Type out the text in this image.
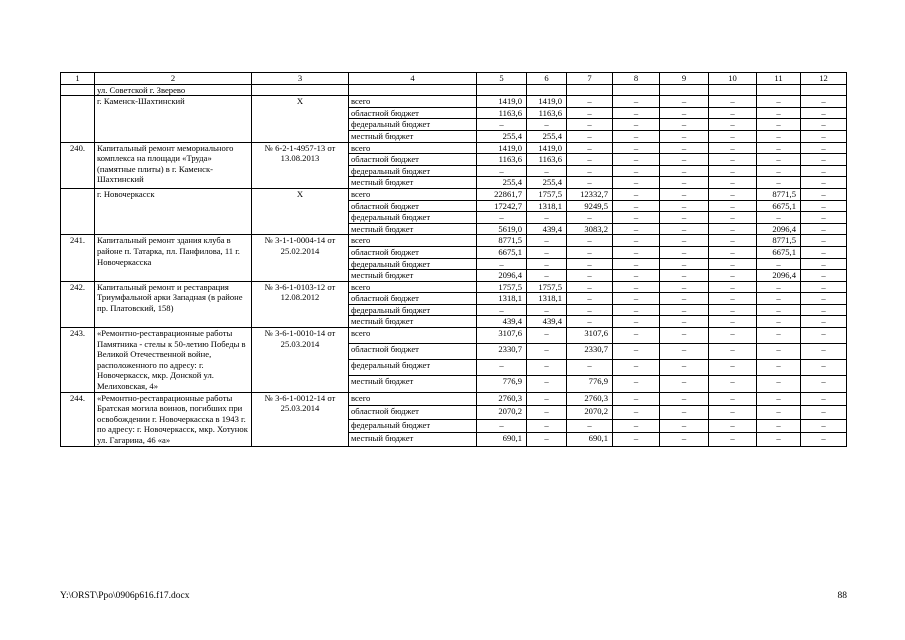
1	2	3	4	5	6	7	8	9	10	11	12
	ул. Советской г. Зверево										
	г. Каменск-Шахтинский	Х	всего	1419,0	1419,0	–	–	–	–	–	–
			областной бюджет	1163,6	1163,6	–	–	–	–	–	–
			федеральный бюджет	–	–	–	–	–	–	–	–
			местный бюджет	255,4	255,4	–	–	–	–	–	–
240.	Капитальный ремонт мемориального комплекса на площади «Труда» (памятные плиты) в г. Каменск-Шахтинский	№ 6-2-1-4957-13 от 13.08.2013	всего	1419,0	1419,0	–	–	–	–	–	–
			областной бюджет	1163,6	1163,6	–	–	–	–	–	–
			федеральный бюджет	–	–	–	–	–	–	–	–
			местный бюджет	255,4	255,4	–	–	–	–	–	–
	г. Новочеркасск	Х	всего	22861,7	1757,5	12332,7	–	–	–	8771,5	–
			областной бюджет	17242,7	1318,1	9249,5	–	–	–	6675,1	–
			федеральный бюджет	–	–	–	–	–	–	–	–
			местный бюджет	5619,0	439,4	3083,2	–	–	–	2096,4	–
241.	Капитальный ремонт здания клуба в районе п. Татарка, пл. Панфилова, 11 г. Новочеркасска	№ 3-1-1-0004-14 от 25.02.2014	всего	8771,5	–	–	–	–	–	8771,5	–
			областной бюджет	6675,1	–	–	–	–	–	6675,1	–
			федеральный бюджет	–	–	–	–	–	–	–	–
			местный бюджет	2096,4	–	–	–	–	–	2096,4	–
242.	Капитальный ремонт и реставрация Триумфальной арки Западная (в районе пр. Платовский, 158)	№ 3-6-1-0103-12 от 12.08.2012	всего	1757,5	1757,5	–	–	–	–	–	–
			областной бюджет	1318,1	1318,1	–	–	–	–	–	–
			федеральный бюджет	–	–	–	–	–	–	–	–
			местный бюджет	439,4	439,4	–	–	–	–	–	–
243.	«Ремонтно-реставрационные работы Памятника - стелы к 50-летию Победы в Великой Отечественной войне, расположенного по адресу: г. Новочеркасск, мкр. Донской ул. Мелиховская, 4»	№ 3-6-1-0010-14 от 25.03.2014	всего	3107,6	–	3107,6	–	–	–	–	–
			областной бюджет	2330,7	–	2330,7	–	–	–	–	–
			федеральный бюджет	–	–	–	–	–	–	–	–
			местный бюджет	776,9	–	776,9	–	–	–	–	–
244.	«Ремонтно-реставрационные работы Братская могила воинов, погибших при освобождении г. Новочеркасска в 1943 г. по адресу: г. Новочеркасск, мкр. Хотунок ул. Гагарина, 46 «а»	№ 3-6-1-0012-14 от 25.03.2014	всего	2760,3	–	2760,3	–	–	–	–	–
			областной бюджет	2070,2	–	2070,2	–	–	–	–	–
			федеральный бюджет	–	–	–	–	–	–	–	–
			местный бюджет	690,1	–	690,1	–	–	–	–	–
Y:\ORST\Ppo\0906p616.f17.docx	88
